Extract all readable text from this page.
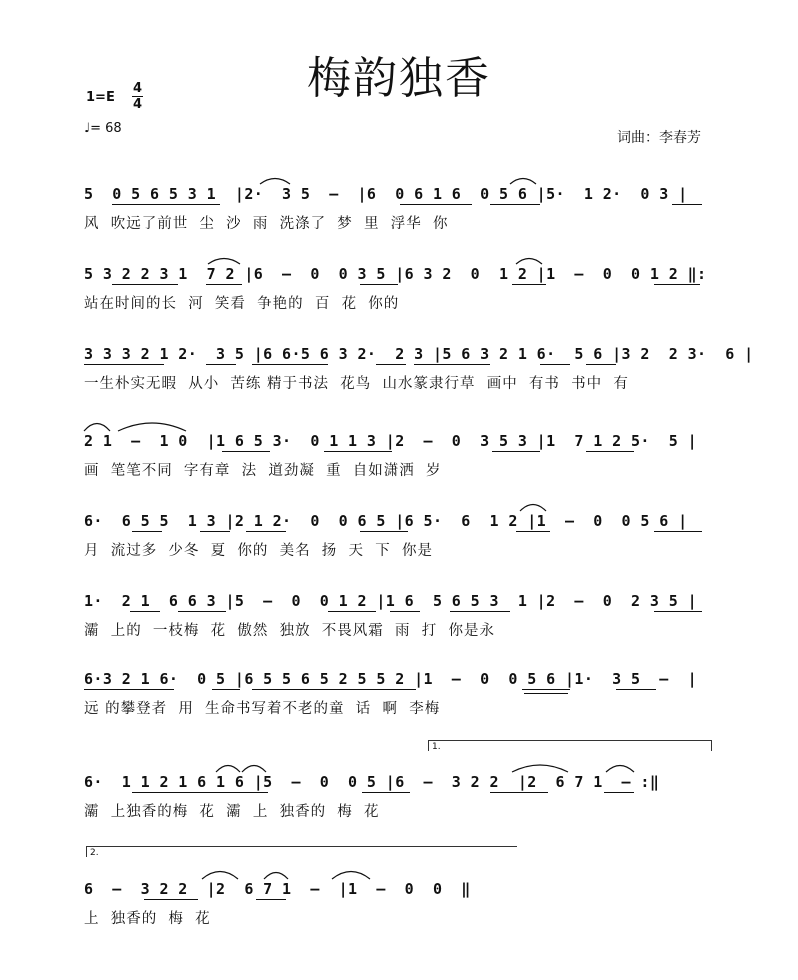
梅韵独香
1=E
4
4
♩= 68
词曲：李春芳
5  0 5 6 5 3 1  |2·  3 5  –  |6  0 6 1 6  0 5 6 |5·  1 2·  0 3 |
风  吹远了前世  尘  沙  雨  洗涤了  梦  里  浮华  你
5 3 2 2 3 1  7 2 |6  –  0  0 3 5 |6 3 2  0  1 2 |1  –  0  0 1 2 ‖:
站在时间的长  河  笑看  争艳的  百  花  你的
3 3 3 2 1 2·  3 5 |6 6·5 6 3 2·  2 3 |5 6 3 2 1 6·  5 6 |3 2  2 3·  6 |
一生朴实无暇  从小  苦练 精于书法  花鸟  山水篆隶行草  画中  有书  书中  有
2 1  –  1 0  |1 6 5 3·  0 1 1 3 |2  –  0  3 5 3 |1  7 1 2 5·  5 |
画  笔笔不同  字有章  法  道劲凝  重  自如潇洒  岁
6·  6 5 5  1 3 |2 1 2·  0  0 6 5 |6 5·  6  1 2 |1  –  0  0 5 6 |
月  流过多  少冬  夏  你的  美名  扬  天  下  你是
1·  2 1  6 6 3 |5  –  0  0 1 2 |1 6  5 6 5 3  1 |2  –  0  2 3 5 |
灞  上的  一枝梅  花  傲然  独放  不畏风霜  雨  打  你是永
6·3 2 1 6·  0 5 |6 5 5 6 5 2 5 5 2 |1  –  0  0 5 6 |1·  3 5  –  |
远 的攀登者  用  生命书写着不老的童  话  啊  李梅
1.
6·  1 1 2 1 6 1 6 |5  –  0  0 5 |6  –  3 2 2  |2  6 7 1  – :‖
灞  上独香的梅  花  灞  上  独香的  梅  花
2.
6  –  3 2 2  |2  6 7 1  –  |1  –  0  0  ‖
上  独香的  梅  花
